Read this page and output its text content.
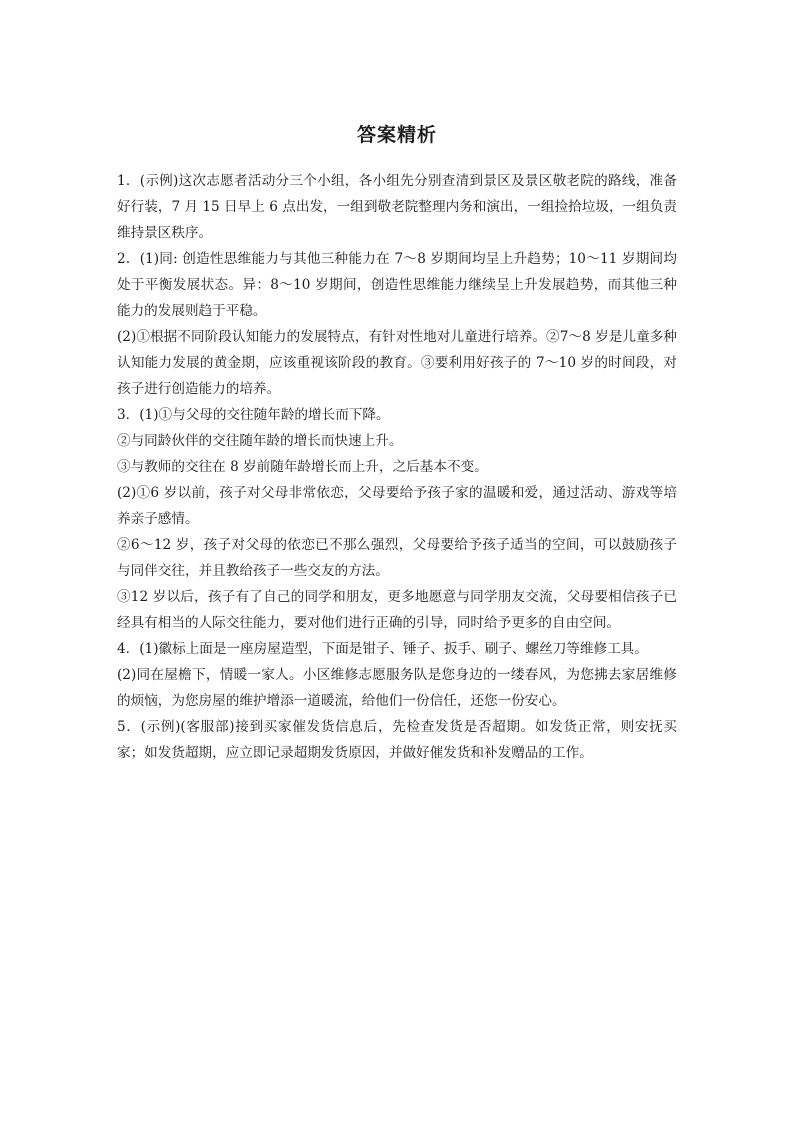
答案精析

1．(示例)这次志愿者活动分三个小组，各小组先分别查清到景区及景区敬老院的路线，准备好行装，7 月 15 日早上 6 点出发，一组到敬老院整理内务和演出，一组捡拾垃圾，一组负责维持景区秩序。

2．(1)同: 创造性思维能力与其他三种能力在 7～8 岁期间均呈上升趋势；10～11 岁期间均处于平衡发展状态。异：8～10 岁期间，创造性思维能力继续呈上升发展趋势，而其他三种能力的发展则趋于平稳。

(2)①根据不同阶段认知能力的发展特点，有针对性地对儿童进行培养。②7～8 岁是儿童多种认知能力发展的黄金期，应该重视该阶段的教育。③要利用好孩子的 7～10 岁的时间段，对孩子进行创造能力的培养。

3．(1)①与父母的交往随年龄的增长而下降。

②与同龄伙伴的交往随年龄的增长而快速上升。

③与教师的交往在 8 岁前随年龄增长而上升，之后基本不变。

(2)①6 岁以前，孩子对父母非常依恋，父母要给予孩子家的温暖和爱，通过活动、游戏等培养亲子感情。

②6～12 岁，孩子对父母的依恋已不那么强烈，父母要给予孩子适当的空间，可以鼓励孩子与同伴交往，并且教给孩子一些交友的方法。

③12 岁以后，孩子有了自己的同学和朋友，更多地愿意与同学朋友交流，父母要相信孩子已经具有相当的人际交往能力，要对他们进行正确的引导，同时给予更多的自由空间。

4．(1)徽标上面是一座房屋造型，下面是钳子、锤子、扳手、刷子、螺丝刀等维修工具。

(2)同在屋檐下，情暖一家人。小区维修志愿服务队是您身边的一缕春风，为您拂去家居维修的烦恼，为您房屋的维护增添一道暖流，给他们一份信任，还您一份安心。

5．(示例)(客服部)接到买家催发货信息后，先检查发货是否超期。如发货正常，则安抚买家；如发货超期，应立即记录超期发货原因，并做好催发货和补发赠品的工作。
